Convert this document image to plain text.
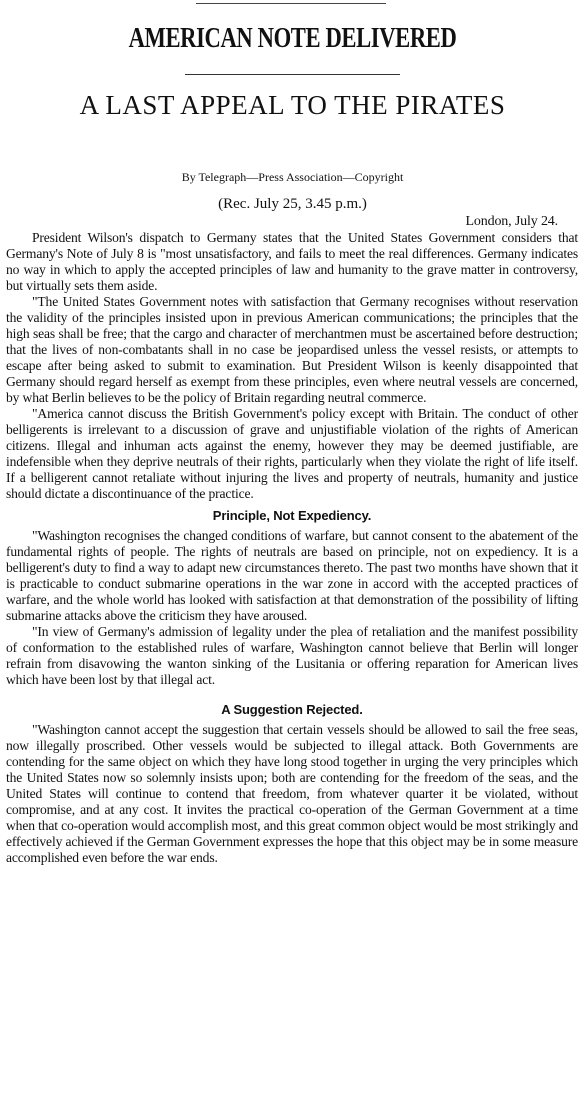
AMERICAN NOTE DELIVERED
A LAST APPEAL TO THE PIRATES
By Telegraph—Press Association—Copyright
(Rec. July 25, 3.45 p.m.)
London, July 24.

President Wilson's dispatch to Germany states that the United States Government considers that Germany's Note of July 8 is "most unsatisfactory, and fails to meet the real differences. Germany indicates no way in which to apply the accepted principles of law and humanity to the grave matter in controversy, but virtually sets them aside.

"The United States Government notes with satisfaction that Germany recognises without reservation the validity of the principles insisted upon in previous American communications; the principles that the high seas shall be free; that the cargo and character of merchantmen must be ascertained before destruction; that the lives of non-combatants shall in no case be jeopardised unless the vessel resists, or attempts to escape after being asked to submit to examination. But President Wilson is keenly disappointed that Germany should regard herself as exempt from these principles, even where neutral vessels are concerned, by what Berlin believes to be the policy of Britain regarding neutral commerce.

"America cannot discuss the British Government's policy except with Britain. The conduct of other belligerents is irrelevant to a discussion of grave and unjustifiable violation of the rights of American citizens. Illegal and inhuman acts against the enemy, however they may be deemed justifiable, are indefensible when they deprive neutrals of their rights, particularly when they violate the right of life itself. If a belligerent cannot retaliate without injuring the lives and property of neutrals, humanity and justice should dictate a discontinuance of the practice.

Principle, Not Expediency.

"Washington recognises the changed conditions of warfare, but cannot consent to the abatement of the fundamental rights of people. The rights of neutrals are based on principle, not on expediency. It is a belligerent's duty to find a way to adapt new circumstances thereto. The past two months have shown that it is practicable to conduct submarine operations in the war zone in accord with the accepted practices of warfare, and the whole world has looked with satisfaction at that demonstration of the possibility of lifting submarine attacks above the criticism they have aroused.

"In view of Germany's admission of legality under the plea of retaliation and the manifest possibility of conformation to the established rules of warfare, Washington cannot believe that Berlin will longer refrain from disavowing the wanton sinking of the Lusitania or offering reparation for American lives which have been lost by that illegal act.

A Suggestion Rejected.

"Washington cannot accept the suggestion that certain vessels should be allowed to sail the free seas, now illegally proscribed. Other vessels would be subjected to illegal attack. Both Governments are contending for the same object on which they have long stood together in urging the very principles which the United States now so solemnly insists upon; both are contending for the freedom of the seas, and the United States will continue to contend that freedom, from whatever quarter it be violated, without compromise, and at any cost. It invites the practical co-operation of the German Government at a time when that co-operation would accomplish most, and this great common object would be most strikingly and effectively achieved if the German Government expresses the hope that this object may be in some measure accomplished even before the war ends.
